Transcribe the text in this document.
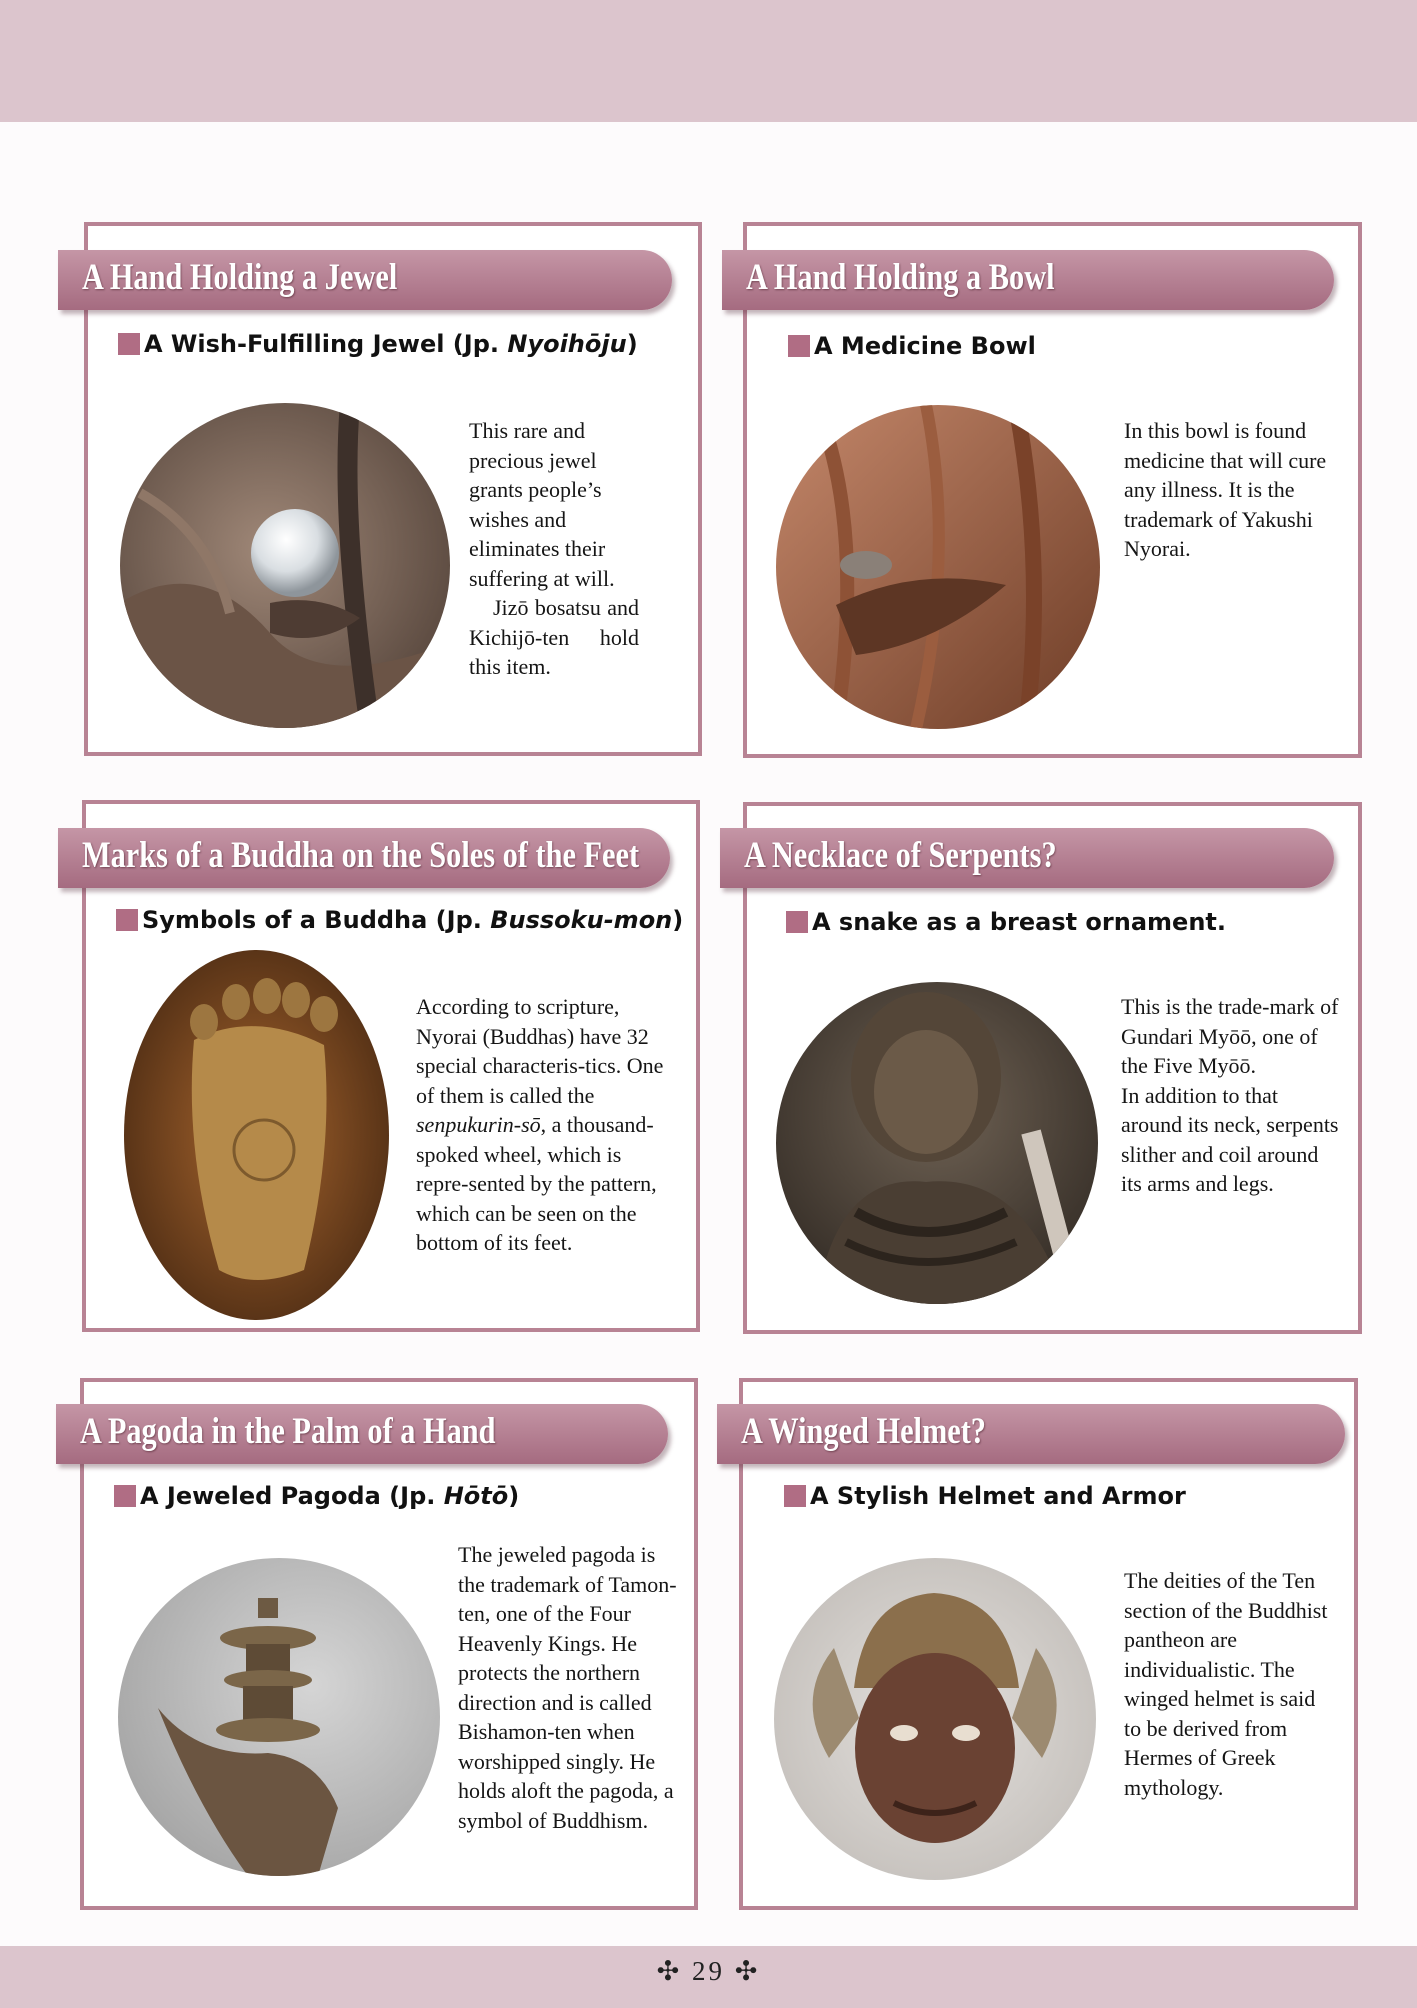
A Hand Holding a Jewel
A Wish-Fulfilling Jewel (Jp. Nyoihōju)

This rare and precious jewel grants people’s wishes and eliminates their suffering at will.

Jizō bosatsu and Kichijō-ten hold this item.

A Hand Holding a Bowl
A Medicine Bowl

In this bowl is found medicine that will cure any illness. It is the trademark of Yakushi Nyorai.

Marks of a Buddha on the Soles of the Feet
Symbols of a Buddha (Jp. Bussoku-mon)

According to scripture, Nyorai (Buddhas) have 32 special characteris-tics. One of them is called the senpukurin-sō, a thousand-spoked wheel, which is repre-sented by the pattern, which can be seen on the bottom of its feet.

A Necklace of Serpents?
A snake as a breast ornament.

This is the trade-mark of Gundari Myōō, one of the Five Myōō.

In addition to that around its neck, serpents slither and coil around its arms and legs.

A Pagoda in the Palm of a Hand
A Jeweled Pagoda (Jp. Hōtō)

The jeweled pagoda is the trademark of Tamon-ten, one of the Four Heavenly Kings. He protects the northern direction and is called Bishamon-ten when worshipped singly. He holds aloft the pagoda, a symbol of Buddhism.

A Winged Helmet?
A Stylish Helmet and Armor

The deities of the Ten section of the Buddhist pantheon are individualistic. The winged helmet is said to be derived from Hermes of Greek mythology.

✣ 29 ✣
